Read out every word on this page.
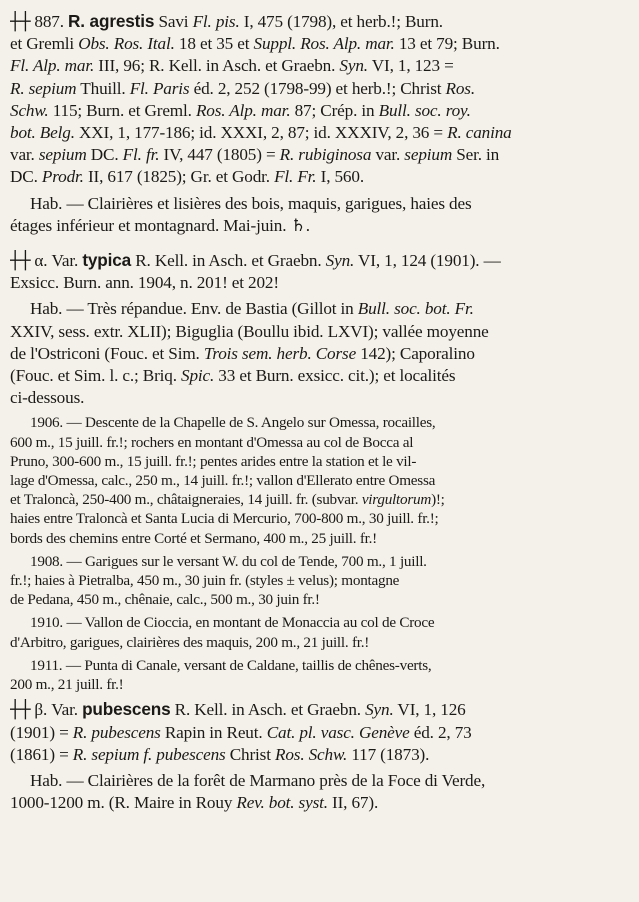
┼┼ 887. R. agrestis Savi Fl. pis. I, 475 (1798), et herb.!; Burn.
et Gremli Obs. Ros. Ital. 18 et 35 et Suppl. Ros. Alp. mar. 13 et 79; Burn.
Fl. Alp. mar. III, 96; R. Kell. in Asch. et Graebn. Syn. VI, 1, 123 =
R. sepium Thuill. Fl. Paris éd. 2, 252 (1798-99) et herb.!; Christ Ros.
Schw. 115; Burn. et Greml. Ros. Alp. mar. 87; Crép. in Bull. soc. roy.
bot. Belg. XXI, 1, 177-186; id. XXXI, 2, 87; id. XXXIV, 2, 36 = R. canina
var. sepium DC. Fl. fr. IV, 447 (1805) = R. rubiginosa var. sepium Ser. in
DC. Prodr. II, 617 (1825); Gr. et Godr. Fl. Fr. I, 560.
Hab. — Clairières et lisières des bois, maquis, garigues, haies des
étages inférieur et montagnard. Mai-juin. ♄.
┼┼ α. Var. typica R. Kell. in Asch. et Graebn. Syn. VI, 1, 124 (1901). —
Exsicc. Burn. ann. 1904, n. 201! et 202!
Hab. — Très répandue. Env. de Bastia (Gillot in Bull. soc. bot. Fr.
XXIV, sess. extr. XLII); Biguglia (Boullu ibid. LXVI); vallée moyenne
de l'Ostriconi (Fouc. et Sim. Trois sem. herb. Corse 142); Caporalino
(Fouc. et Sim. l. c.; Briq. Spic. 33 et Burn. exsicc. cit.); et localités
ci-dessous.
1906. — Descente de la Chapelle de S. Angelo sur Omessa, rocailles,
600 m., 15 juill. fr.!; rochers en montant d'Omessa au col de Bocca al
Pruno, 300-600 m., 15 juill. fr.!; pentes arides entre la station et le vil-
lage d'Omessa, calc., 250 m., 14 juill. fr.!; vallon d'Ellerato entre Omessa
et Traloncà, 250-400 m., châtaigneraies, 14 juill. fr. (subvar. virgultorum)!;
haies entre Traloncà et Santa Lucia di Mercurio, 700-800 m., 30 juill. fr.!;
bords des chemins entre Corté et Sermano, 400 m., 25 juill. fr.!
1908. — Garigues sur le versant W. du col de Tende, 700 m., 1 juill.
fr.!; haies à Pietralba, 450 m., 30 juin fr. (styles ± velus); montagne
de Pedana, 450 m., chênaie, calc., 500 m., 30 juin fr.!
1910. — Vallon de Cioccia, en montant de Monaccia au col de Croce
d'Arbitro, garigues, clairières des maquis, 200 m., 21 juill. fr.!
1911. — Punta di Canale, versant de Caldane, taillis de chênes-verts,
200 m., 21 juill. fr.!
┼┼ β. Var. pubescens R. Kell. in Asch. et Graebn. Syn. VI, 1, 126
(1901) = R. pubescens Rapin in Reut. Cat. pl. vasc. Genève éd. 2, 73
(1861) = R. sepium f. pubescens Christ Ros. Schw. 117 (1873).
Hab. — Clairières de la forêt de Marmano près de la Foce di Verde,
1000-1200 m. (R. Maire in Rouy Rev. bot. syst. II, 67).
